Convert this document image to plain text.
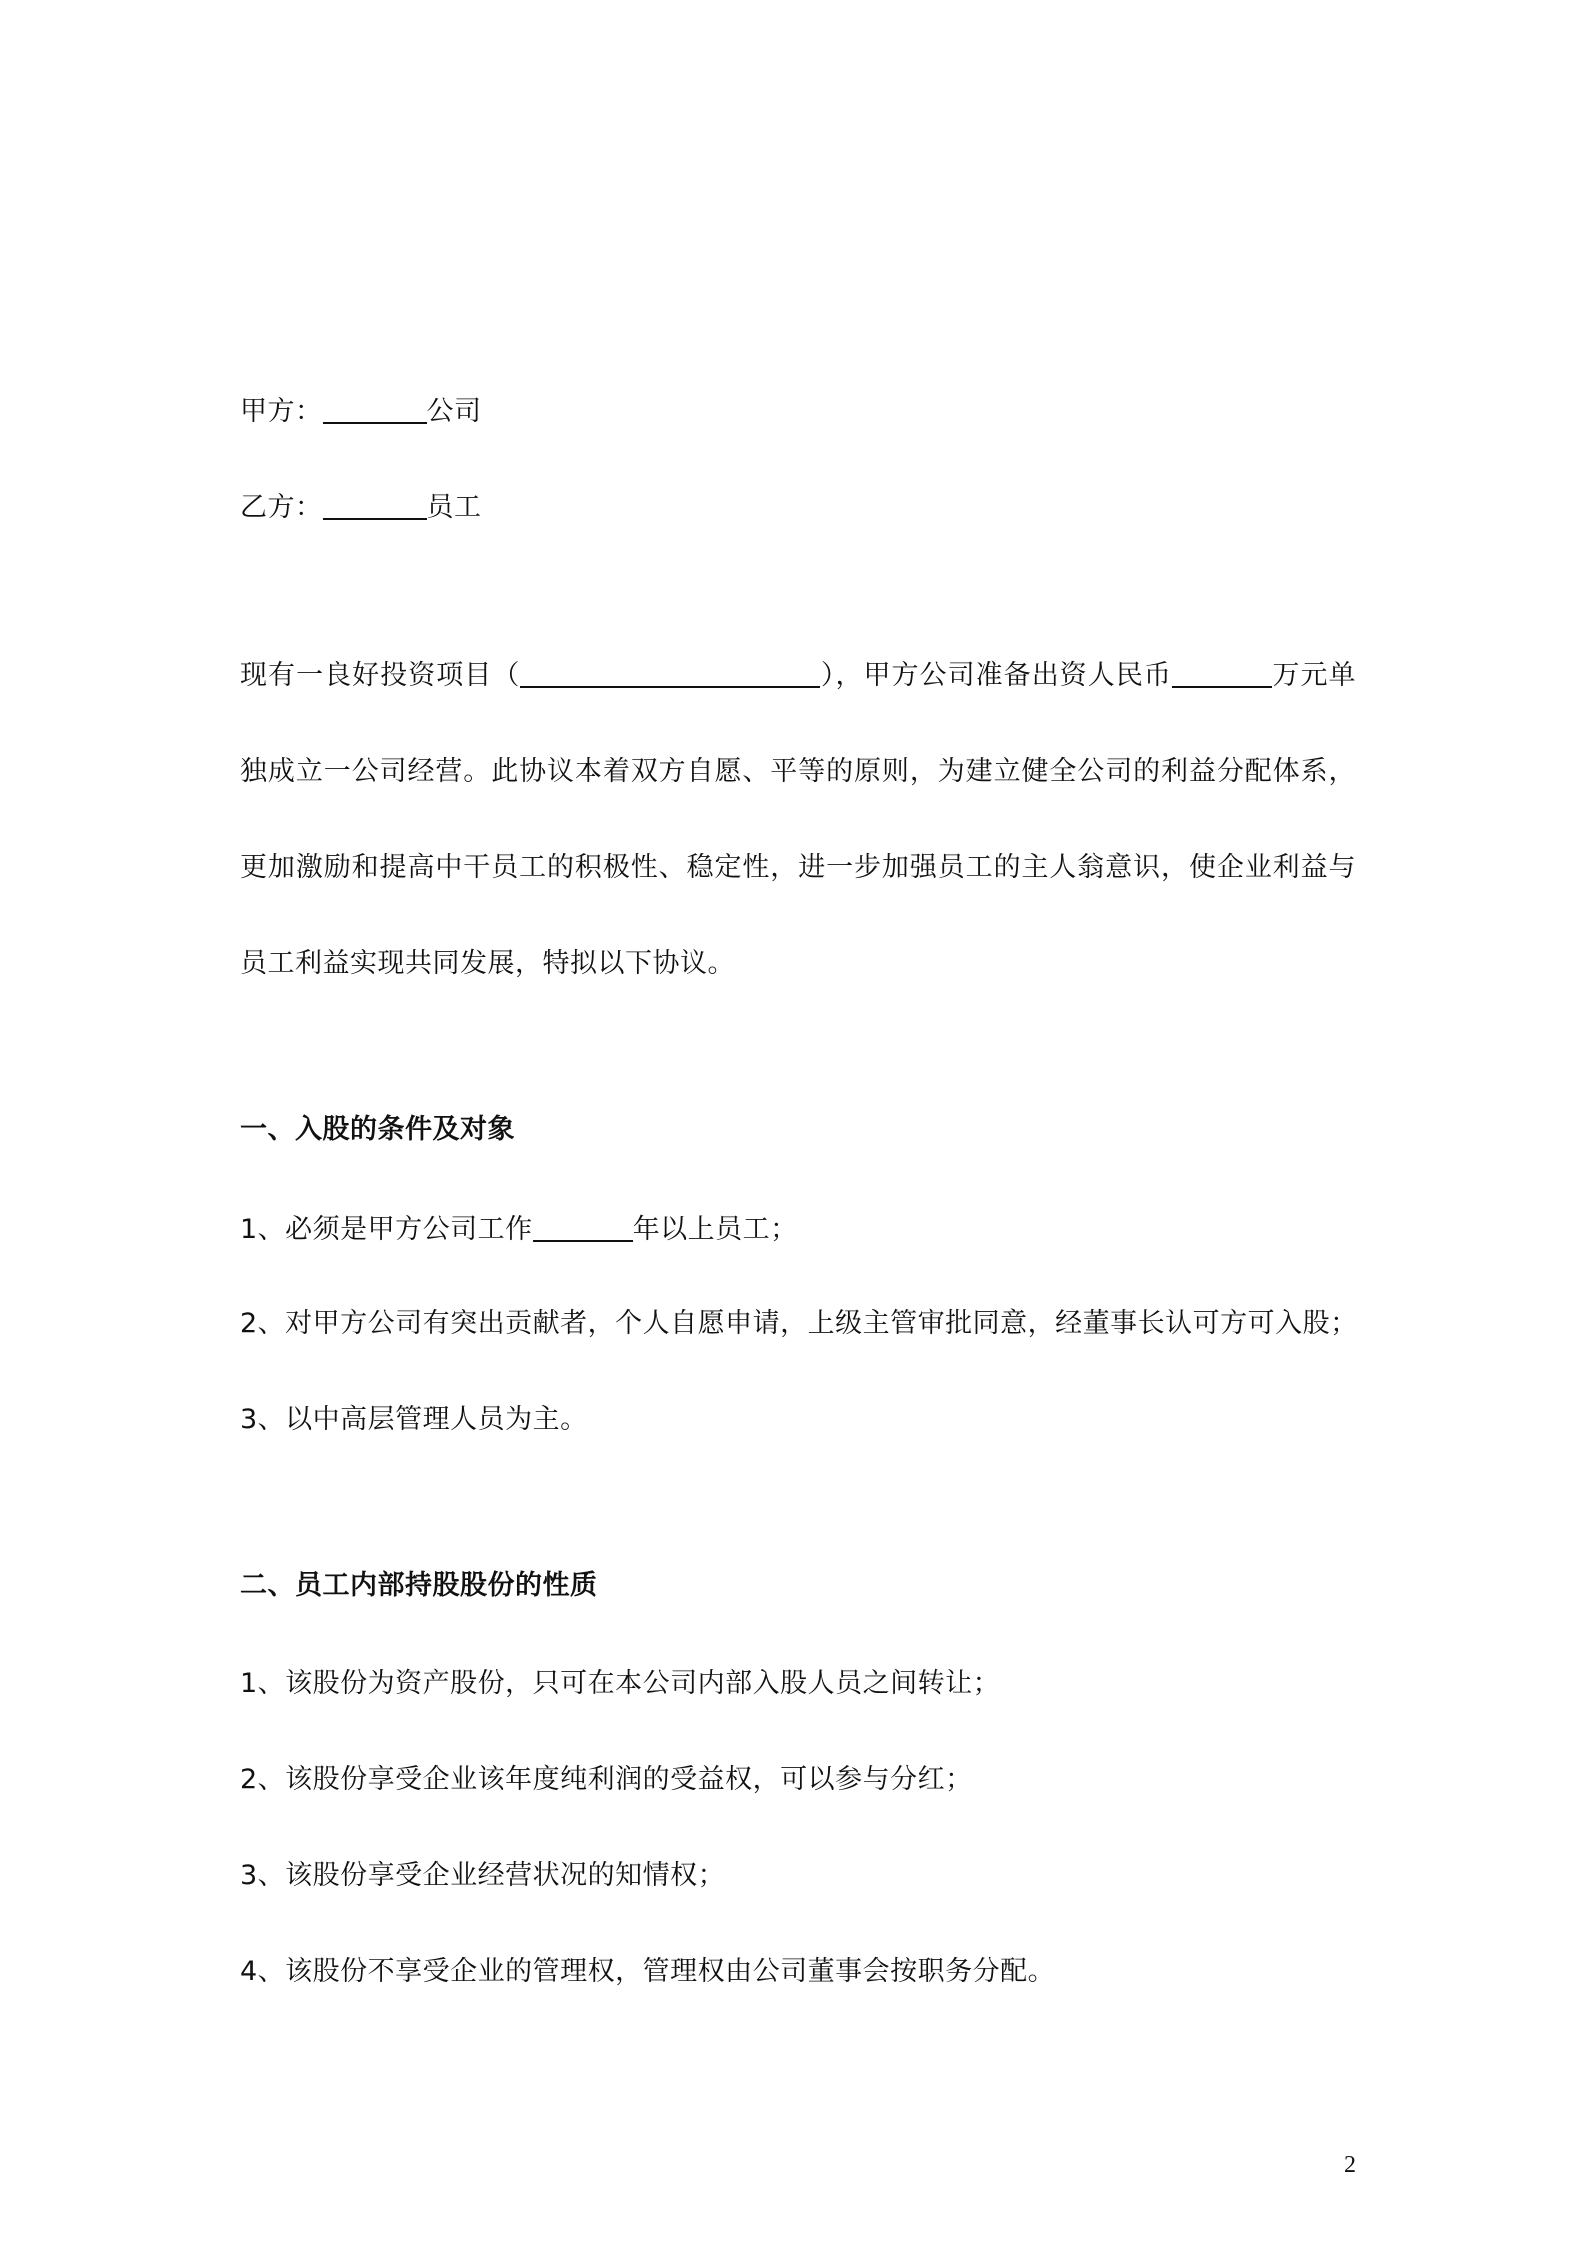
甲方：	公司
乙方：	员工
现有一良好投资项目（	），甲方公司准备出资人民币	万元单独成立一公司经营。此协议本着双方自愿、平等的原则，为建立健全公司的利益分配体系，更加激励和提高中干员工的积极性、稳定性，进一步加强员工的主人翁意识，使企业利益与员工利益实现共同发展，特拟以下协议。
一、入股的条件及对象
1、必须是甲方公司工作	年以上员工；
2、对甲方公司有突出贡献者，个人自愿申请，上级主管审批同意，经董事长认可方可入股；
3、以中高层管理人员为主。
二、员工内部持股股份的性质
1、该股份为资产股份，只可在本公司内部入股人员之间转让；
2、该股份享受企业该年度纯利润的受益权，可以参与分红；
3、该股份享受企业经营状况的知情权；
4、该股份不享受企业的管理权，管理权由公司董事会按职务分配。
2
